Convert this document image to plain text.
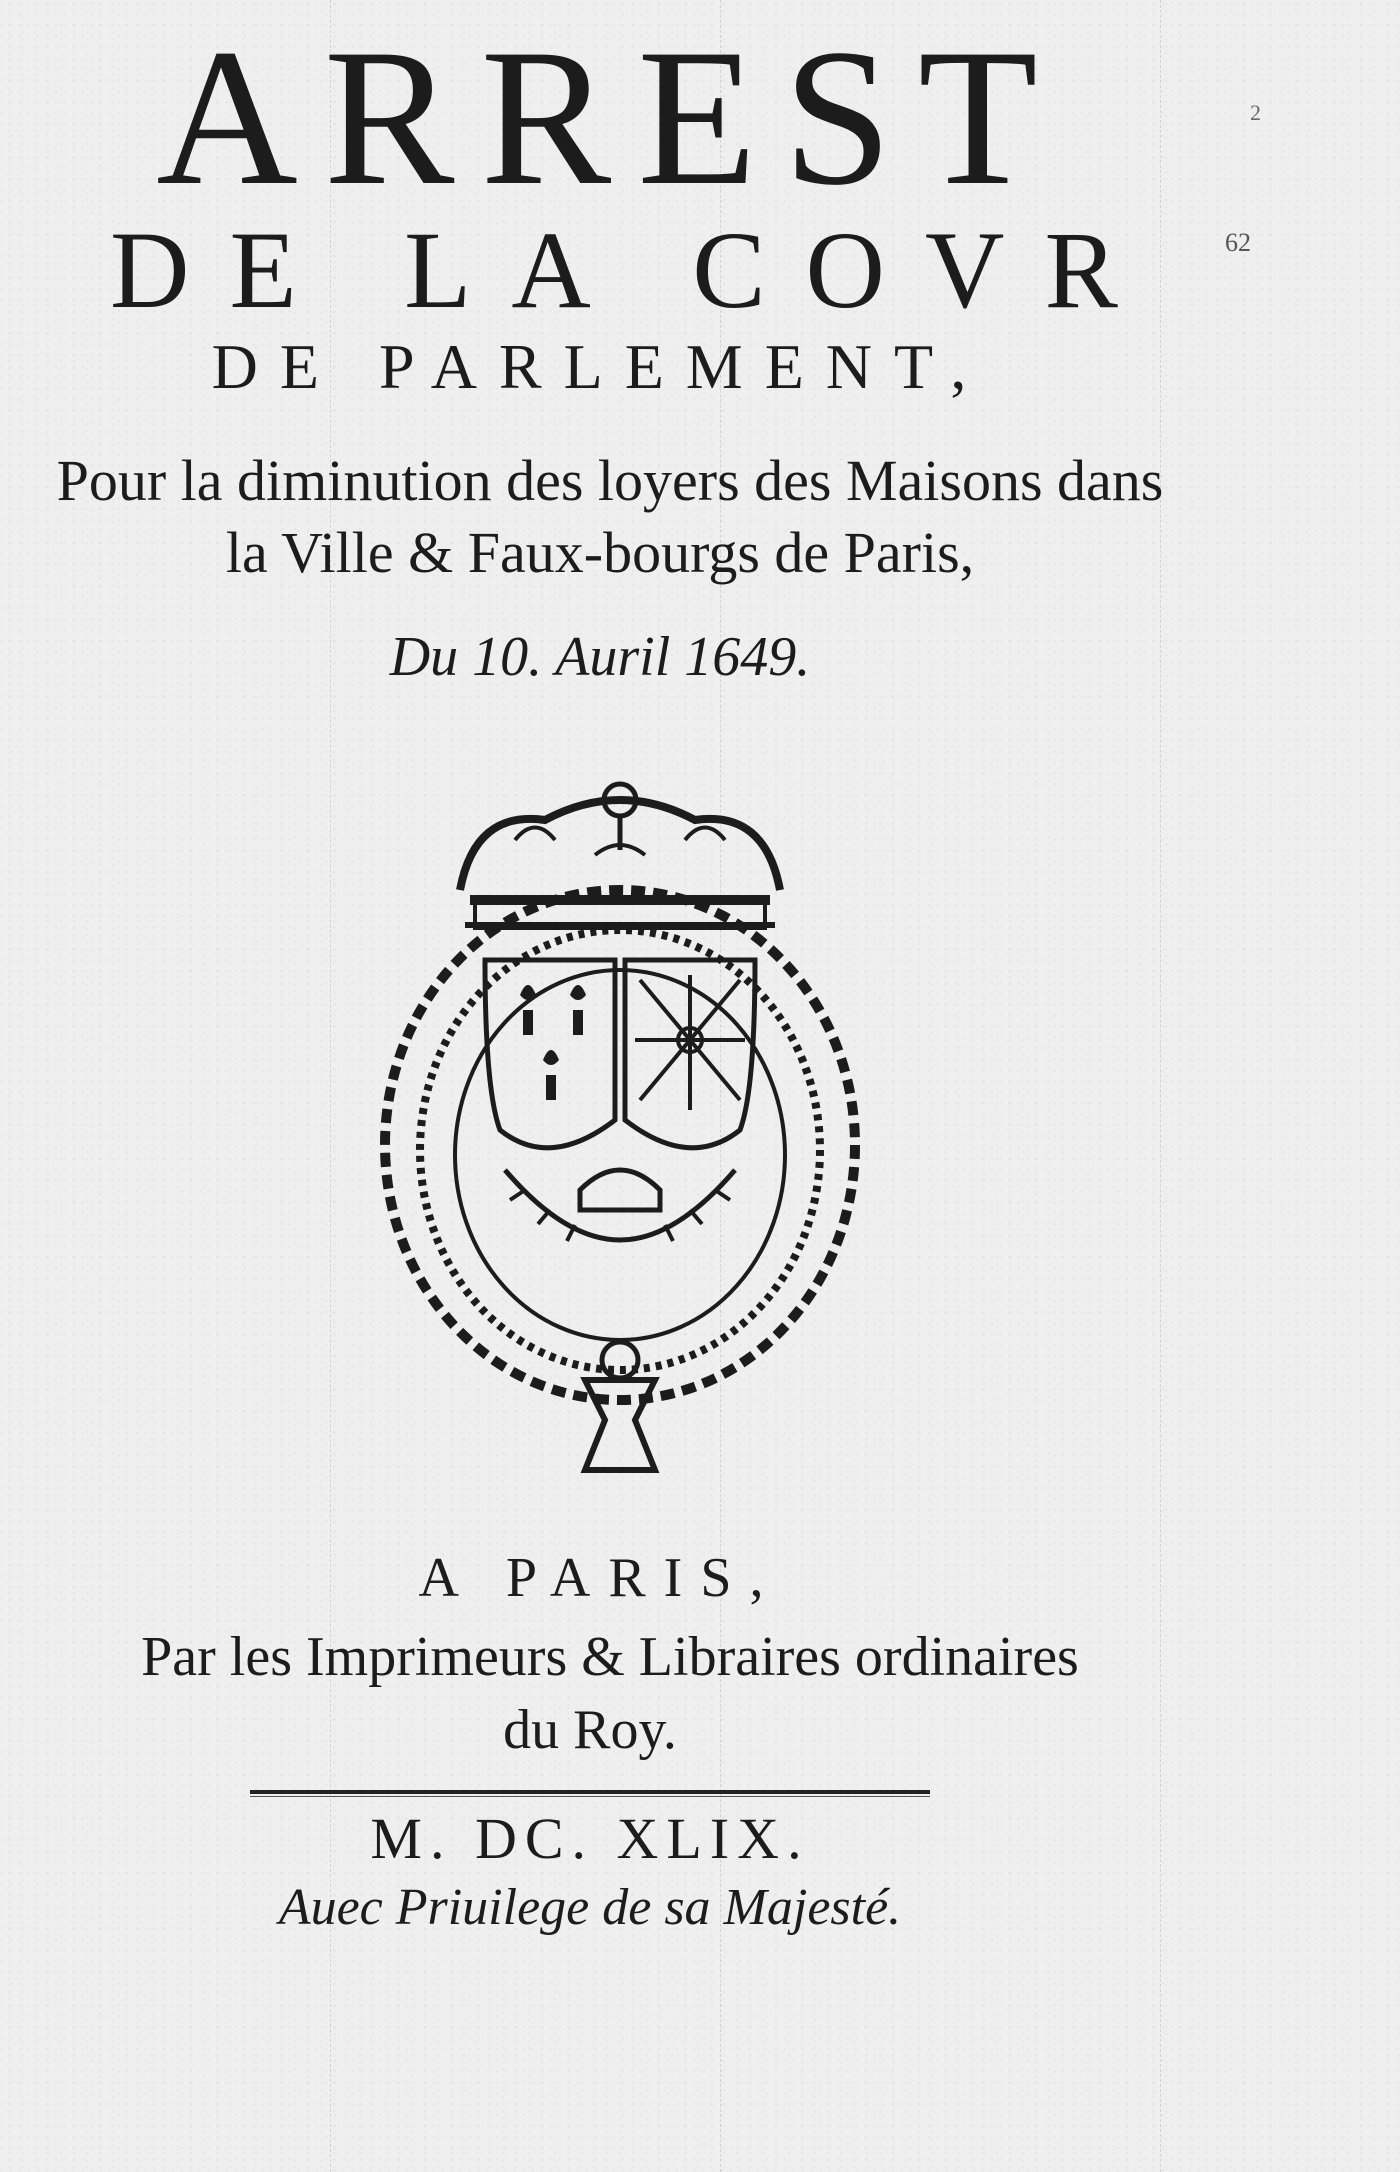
ARREST
DE LA COVR
DE PARLEMENT,
Pour la diminution des loyers des Maisons dans
la Ville & Faux-bourgs de Paris,
Du 10. Auril 1649.
62
2
A PARIS,
Par les Imprimeurs & Libraires ordinaires
du Roy.
M. DC. XLIX.
Auec Priuilege de sa Majesté.
